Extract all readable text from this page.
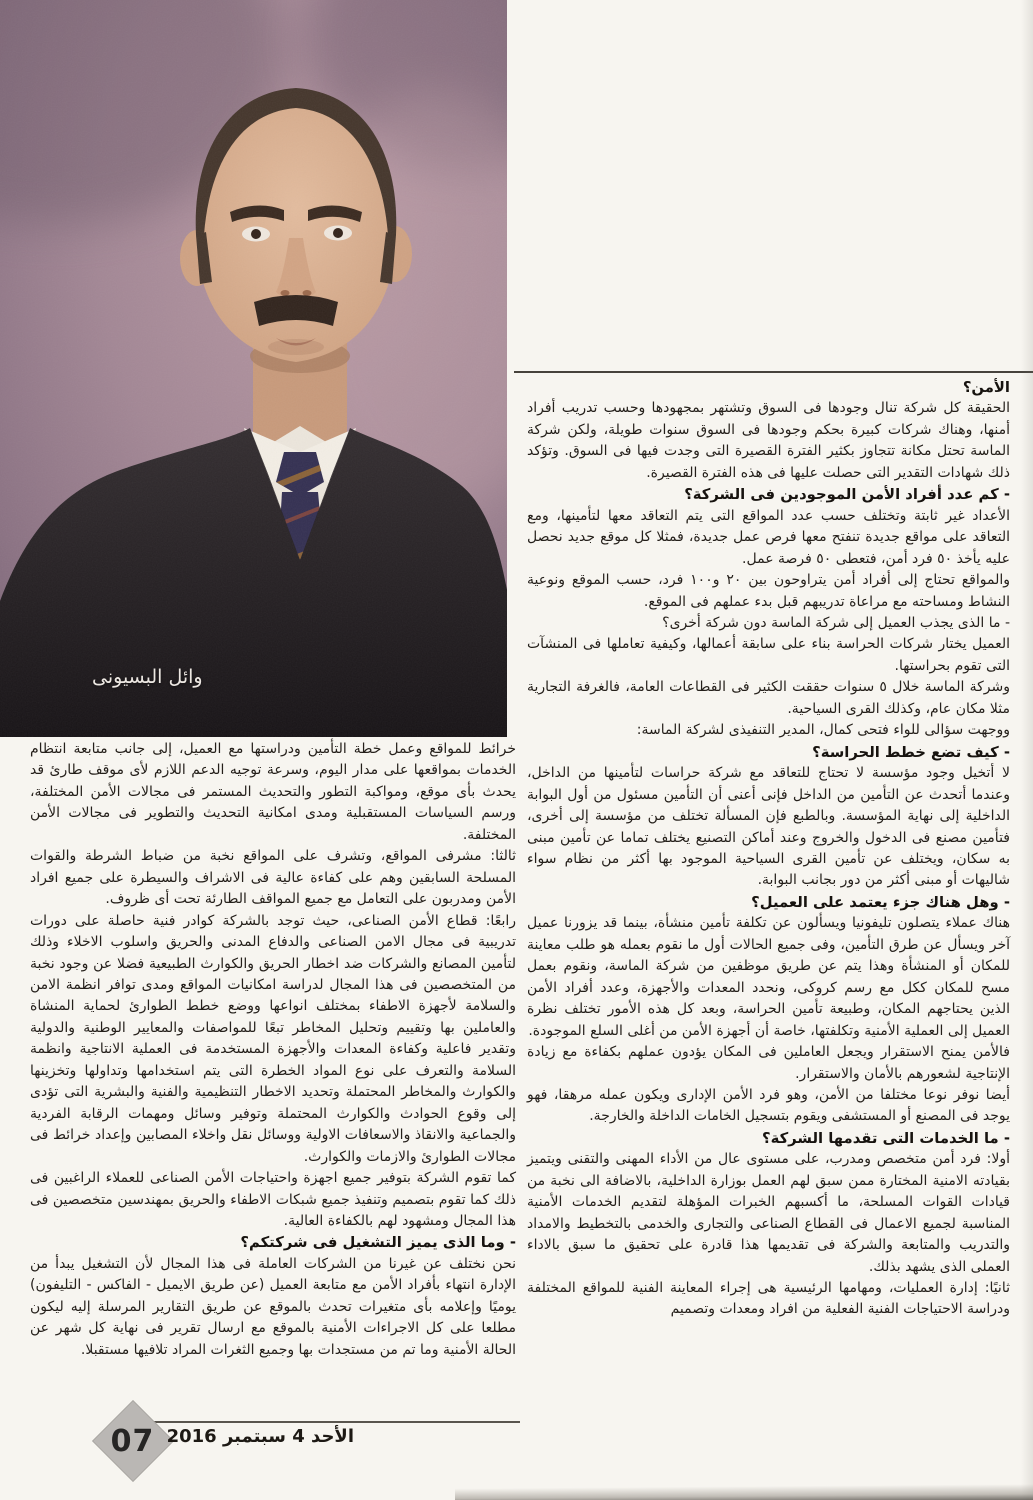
وائل البسيونى
الأمن؟

الحقيقة كل شركة تنال وجودها فى السوق وتشتهر بمجهودها وحسب تدريب أفراد أمنها، وهناك شركات كبيرة بحكم وجودها فى السوق سنوات طويلة، ولكن شركة الماسة تحتل مكانة تتجاوز بكثير الفترة القصيرة التى وجدت فيها فى السوق. وتؤكد ذلك شهادات التقدير التى حصلت عليها فى هذه الفترة القصيرة.

- كم عدد أفراد الأمن الموجودين فى الشركة؟

الأعداد غير ثابتة وتختلف حسب عدد المواقع التى يتم التعاقد معها لتأمينها، ومع التعاقد على مواقع جديدة تنفتح معها فرص عمل جديدة، فمثلا كل موقع جديد نحصل عليه يأخذ ٥٠ فرد أمن، فتعطى ٥٠ فرصة عمل.

والمواقع تحتاج إلى أفراد أمن يتراوحون بين ٢٠ و١٠٠ فرد، حسب الموقع ونوعية النشاط ومساحته مع مراعاة تدريبهم قبل بدء عملهم فى الموقع.

- ما الذى يجذب العميل إلى شركة الماسة دون شركة أخرى؟

العميل يختار شركات الحراسة بناء على سابقة أعمالها، وكيفية تعاملها فى المنشآت التى تقوم بحراستها.

وشركة الماسة خلال ٥ سنوات حققت الكثير فى القطاعات العامة، فالغرفة التجارية مثلا مكان عام، وكذلك القرى السياحية.

ووجهت سؤالى للواء فتحى كمال، المدير التنفيذى لشركة الماسة:

- كيف تضع خطط الحراسة؟

لا أتخيل وجود مؤسسة لا تحتاج للتعاقد مع شركة حراسات لتأمينها من الداخل، وعندما أتحدث عن التأمين من الداخل فإنى أعنى أن التأمين مسئول من أول البوابة الداخلية إلى نهاية المؤسسة. وبالطبع فإن المسألة تختلف من مؤسسة إلى أخرى، فتأمين مصنع فى الدخول والخروج وعند أماكن التصنيع يختلف تماما عن تأمين مبنى به سكان، ويختلف عن تأمين القرى السياحية الموجود بها أكثر من نظام سواء شاليهات أو مبنى أكثر من دور بجانب البوابة.

- وهل هناك جزء يعتمد على العميل؟

هناك عملاء يتصلون تليفونيا ويسألون عن تكلفة تأمين منشأة، بينما قد يزورنا عميل آخر ويسأل عن طرق التأمين، وفى جميع الحالات أول ما نقوم بعمله هو طلب معاينة للمكان أو المنشأة وهذا يتم عن طريق موظفين من شركة الماسة، ونقوم بعمل مسح للمكان ككل مع رسم كروكى، ونحدد المعدات والأجهزة، وعدد أفراد الأمن الذين يحتاجهم المكان، وطبيعة تأمين الحراسة، وبعد كل هذه الأمور تختلف نظرة العميل إلى العملية الأمنية وتكلفتها، خاصة أن أجهزة الأمن من أغلى السلع الموجودة.

فالأمن يمنح الاستقرار ويجعل العاملين فى المكان يؤدون عملهم بكفاءة مع زيادة الإنتاجية لشعورهم بالأمان والاستقرار.

أيضا نوفر نوعا مختلفا من الأمن، وهو فرد الأمن الإدارى ويكون عمله مرهقا، فهو يوجد فى المصنع أو المستشفى ويقوم بتسجيل الخامات الداخلة والخارجة.

- ما الخدمات التى تقدمها الشركة؟

أولا: فرد أمن متخصص ومدرب، على مستوى عال من الأداء المهنى والتقنى ويتميز بقيادته الامنية المختارة ممن سبق لهم العمل بوزارة الداخلية، بالاضافة الى نخبة من قيادات القوات المسلحة، ما أكسبهم الخبرات المؤهلة لتقديم الخدمات الأمنية المناسبة لجميع الاعمال فى القطاع الصناعى والتجارى والخدمى بالتخطيط والامداد والتدريب والمتابعة والشركة فى تقديمها هذا قادرة على تحقيق ما سبق بالاداء العملى الذى يشهد بذلك.

ثانيًا: إدارة العمليات، ومهامها الرئيسية هى إجراء المعاينة الفنية للمواقع المختلفة ودراسة الاحتياجات الفنية الفعلية من افراد ومعدات وتصميم

خرائط للمواقع وعمل خطة التأمين ودراستها مع العميل، إلى جانب متابعة انتظام الخدمات بمواقعها على مدار اليوم، وسرعة توجيه الدعم اللازم لأى موقف طارئ قد يحدث بأى موقع، ومواكبة التطور والتحديث المستمر فى مجالات الأمن المختلفة، ورسم السياسات المستقبلية ومدى امكانية التحديث والتطوير فى مجالات الأمن المختلفة.

ثالثا: مشرفى المواقع، وتشرف على المواقع نخبة من ضباط الشرطة والقوات المسلحة السابقين وهم على كفاءة عالية فى الاشراف والسيطرة على جميع افراد الأمن ومدربون على التعامل مع جميع المواقف الطارئة تحت أى ظروف.

رابعًا: قطاع الأمن الصناعى، حيث توجد بالشركة كوادر فنية حاصلة على دورات تدريبية فى مجال الامن الصناعى والدفاع المدنى والحريق واسلوب الاخلاء وذلك لتأمين المصانع والشركات ضد اخطار الحريق والكوارث الطبيعية فضلا عن وجود نخبة من المتخصصين فى هذا المجال لدراسة امكانيات المواقع ومدى توافر انظمة الامن والسلامة لأجهزة الاطفاء بمختلف انواعها ووضع خطط الطوارئ لحماية المنشاة والعاملين بها وتقييم وتحليل المخاطر تبعًا للمواصفات والمعايير الوطنية والدولية وتقدير فاعلية وكفاءة المعدات والأجهزة المستخدمة فى العملية الانتاجية وانظمة السلامة والتعرف على نوع المواد الخطرة التى يتم استخدامها وتداولها وتخزينها والكوارث والمخاطر المحتملة وتحديد الاخطار التنظيمية والفنية والبشرية التى تؤدى إلى وقوع الحوادث والكوارث المحتملة وتوفير وسائل ومهمات الرقابة الفردية والجماعية والانقاذ والاسعافات الاولية ووسائل نقل واخلاء المصابين وإعداد خرائط فى مجالات الطوارئ والازمات والكوارث.

كما تقوم الشركة بتوفير جميع اجهزة واحتياجات الأمن الصناعى للعملاء الراغبين فى ذلك كما تقوم بتصميم وتنفيذ جميع شبكات الاطفاء والحريق بمهندسين متخصصين فى هذا المجال ومشهود لهم بالكفاءة العالية.

- وما الذى يميز التشغيل فى شركتكم؟

نحن نختلف عن غيرنا من الشركات العاملة فى هذا المجال لأن التشغيل يبدأ من الإدارة انتهاء بأفراد الأمن مع متابعة العميل (عن طريق الايميل - الفاكس - التليفون) يوميًا وإعلامه بأى متغيرات تحدث بالموقع عن طريق التقارير المرسلة إليه ليكون مطلعا على كل الاجراءات الأمنية بالموقع مع ارسال تقرير فى نهاية كل شهر عن الحالة الأمنية وما تم من مستجدات بها وجميع الثغرات المراد تلافيها مستقبلا.

07 الأحد 4 سبتمبر 2016
